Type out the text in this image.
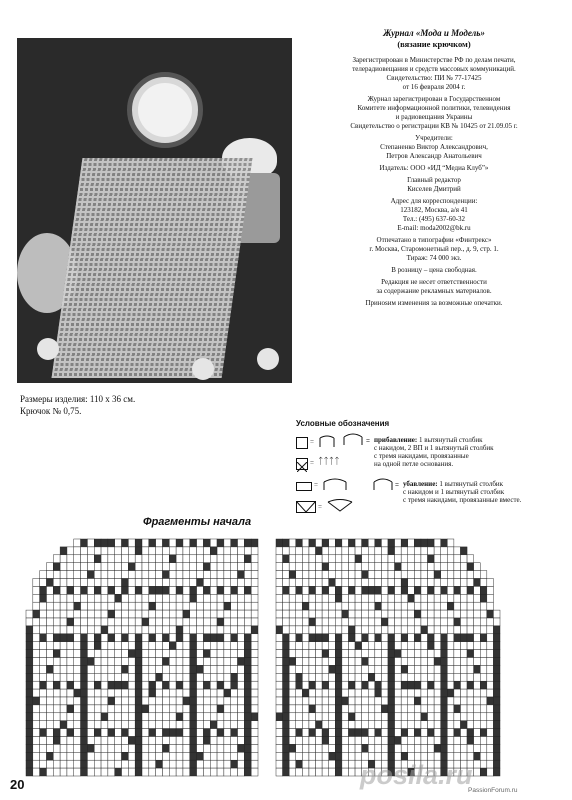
Журнал «Мода и Модель»
(вязание крючком)

Зарегистрирован в Министерстве РФ по делам печати,
телерадиовещания и средств массовых коммуникаций.
Свидетельство: ПИ № 77-17425
от 16 февраля 2004 г.

Журнал зарегистрирован в Государственном
Комитете информационной политики, телевидения
и радиовещания Украины
Свидетельство о регистрации КВ № 10425 от 21.09.05 г.

Учредители:
Степаненко Виктор Александрович,
Петров Александр Анатольевич

Издатель: ООО «ИД “Медиа Клуб”»

Главный редактор
Киселев Дмитрий

Адрес для корреспонденции:
123182, Москва, а/я 41
Тел.: (495) 637-60-32
E-mail: moda2002@bk.ru

Отпечатано в типографии «Финтрекс»
г. Москва, Старомонетный пер., д. 9, стр. 1.
Тираж: 74 000 экз.

В розницу – цена свободная.

Редакция не несет ответственности
за содержание рекламных материалов.

Принosим изменения за возможные опечатки.

Размеры изделия: 110 х 36 см.
Крючок № 0,75.
Условные обозначения
=
= ᛏᛏᛏᛏ
= прибавление: 1 вытянутый столбик
с накидом, 2 ВП и 1 вытянутый столбик
с тремя накидами, провязанные
на одной петле основания.
=	= убавление: 1 вытянутый столбик
с накидом и 1 вытянутый столбик
с тремя накидами, провязанные вместе.
=
Фрагменты начала
20	posila.ru
PassionForum.ru
